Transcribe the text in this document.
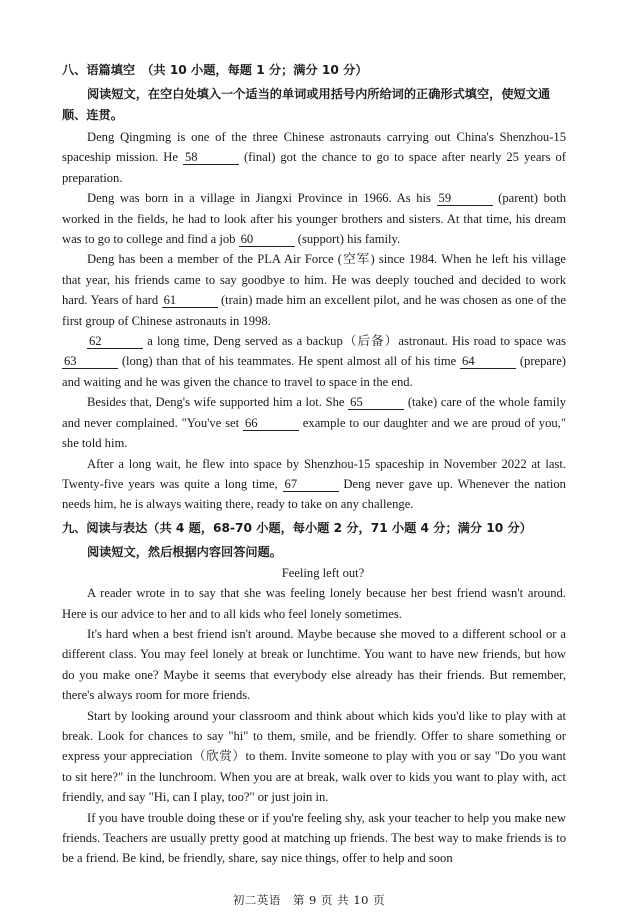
八、语篇填空　（共 10 小题，每题 1 分；满分 10 分）
阅读短文，在空白处填入一个适当的单词或用括号内所给词的正确形式填空，使短文通顺、连贯。

Deng Qingming is one of the three Chinese astronauts carrying out China's Shenzhou-15 spaceship mission. He 58	(final) got the chance to go to space after nearly 25 years of preparation.

Deng was born in a village in Jiangxi Province in 1966. As his 59	(parent) both worked in the fields, he had to look after his younger brothers and sisters. At that time, his dream was to go to college and find a job 60	(support) his family.

Deng has been a member of the PLA Air Force (空军) since 1984. When he left his village that year, his friends came to say goodbye to him. He was deeply touched and decided to work hard. Years of hard 61	(train) made him an excellent pilot, and he was chosen as one of the first group of Chinese astronauts in 1998.

62	a long time, Deng served as a backup（后备）astronaut. His road to space was 63	(long) than that of his teammates. He spent almost all of his time 64	(prepare) and waiting and he was given the chance to travel to space in the end.

Besides that, Deng's wife supported him a lot. She 65	(take) care of the whole family and never complained. "You've set 66	example to our daughter and we are proud of you," she told him.

After a long wait, he flew into space by Shenzhou-15 spaceship in November 2022 at last. Twenty-five years was quite a long time, 67	Deng never gave up. Whenever the nation needs him, he is always waiting there, ready to take on any challenge.

九、阅读与表达（共 4 题，68-70 小题，每小题 2 分，71 小题 4 分；满分 10 分）
阅读短文，然后根据内容回答问题。

Feeling left out?

A reader wrote in to say that she was feeling lonely because her best friend wasn't around. Here is our advice to her and to all kids who feel lonely sometimes.

It's hard when a best friend isn't around. Maybe because she moved to a different school or a different class. You may feel lonely at break or lunchtime. You want to have new friends, but how do you make one? Maybe it seems that everybody else already has their friends. But remember, there's always room for more friends.

Start by looking around your classroom and think about which kids you'd like to play with at break. Look for chances to say "hi" to them, smile, and be friendly. Offer to share something or express your appreciation（欣赏）to them. Invite someone to play with you or say "Do you want to sit here?" in the lunchroom. When you are at break, walk over to kids you want to play with, act friendly, and say "Hi, can I play, too?" or just join in.

If you have trouble doing these or if you're feeling shy, ask your teacher to help you make new friends. Teachers are usually pretty good at matching up friends. The best way to make friends is to be a friend. Be kind, be friendly, share, say nice things, offer to help and soon

初二英语　第 9 页 共 10 页
